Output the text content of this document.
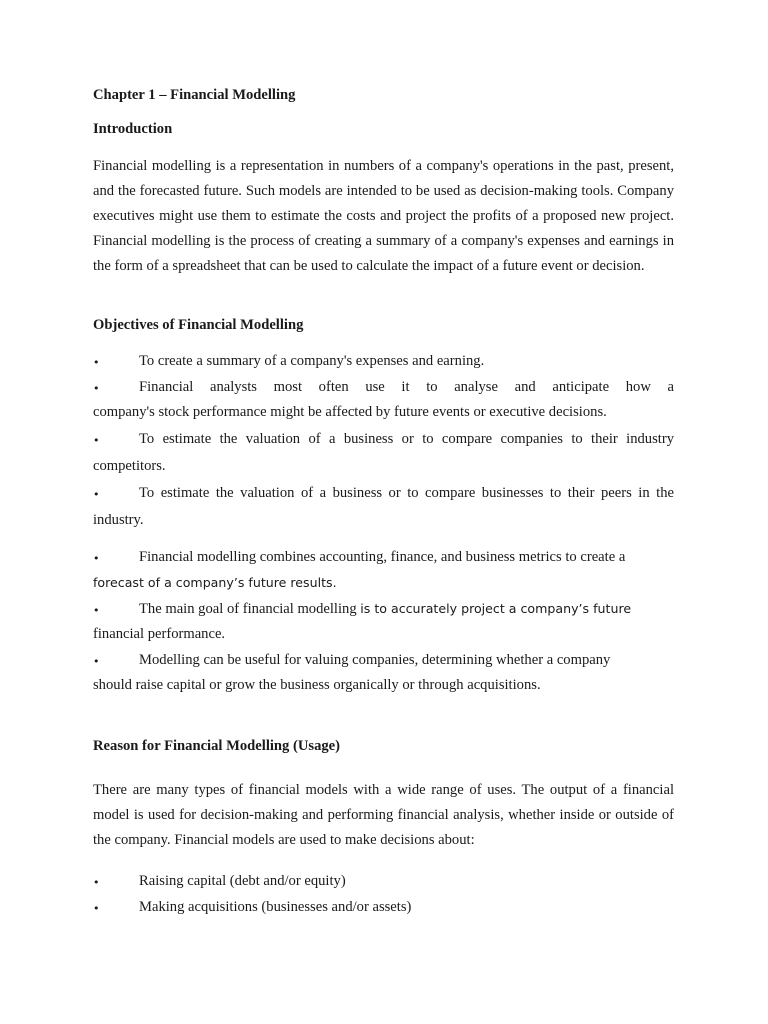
Chapter 1 – Financial Modelling
Introduction

Financial modelling is a representation in numbers of a company's operations in the past, present, and the forecasted future. Such models are intended to be used as decision-making tools. Company executives might use them to estimate the costs and project the profits of a proposed new project. Financial modelling is the process of creating a summary of a company's expenses and earnings in the form of a spreadsheet that can be used to calculate the impact of a future event or decision.

Objectives of Financial Modelling
•	To create a summary of a company's expenses and earning.
•	Financial analysts most often use it to analyse and anticipate how a
company's stock performance might be affected by future events or executive decisions.
•	To estimate the valuation of a business or to compare companies to their industry
competitors.
•	To estimate the valuation of a business or to compare businesses to their peers in the
industry.
•	Financial modelling combines accounting, finance, and business metrics to create a
forecast of a company’s future results.
•	The main goal of financial modelling is to accurately project a company’s future
financial performance.
•	Modelling can be useful for valuing companies, determining whether a company
should raise capital or grow the business organically or through acquisitions.
Reason for Financial Modelling (Usage)

There are many types of financial models with a wide range of uses. The output of a financial model is used for decision-making and performing financial analysis, whether inside or outside of the company. Financial models are used to make decisions about:

•	Raising capital (debt and/or equity)
•	Making acquisitions (businesses and/or assets)
